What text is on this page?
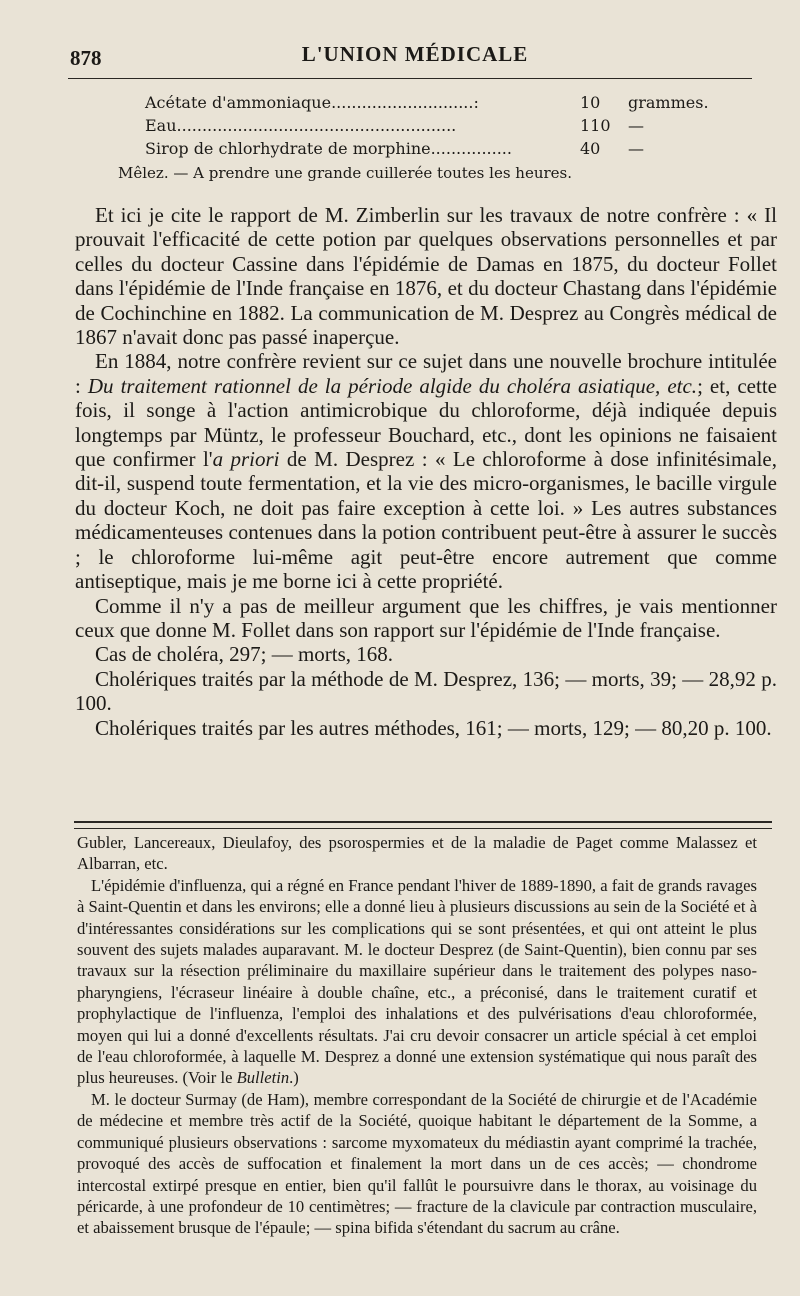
878	L'UNION MÉDICALE
Acétate d'ammoniaque............................:	10 grammes.
Eau.......................................................	110 —
Sirop de chlorhydrate de morphine................	40 —
Mêlez. — A prendre une grande cuillerée toutes les heures.

Et ici je cite le rapport de M. Zimberlin sur les travaux de notre confrère : « Il prouvait l'efficacité de cette potion par quelques observations personnelles et par celles du docteur Cassine dans l'épidémie de Damas en 1875, du docteur Follet dans l'épidémie de l'Inde française en 1876, et du docteur Chastang dans l'épidémie de Cochinchine en 1882. La communication de M. Desprez au Congrès médical de 1867 n'avait donc pas passé inaperçue.

En 1884, notre confrère revient sur ce sujet dans une nouvelle brochure intitulée : Du traitement rationnel de la période algide du choléra asiatique, etc.; et, cette fois, il songe à l'action antimicrobique du chloroforme, déjà indiquée depuis longtemps par Müntz, le professeur Bouchard, etc., dont les opinions ne faisaient que confirmer l'a priori de M. Desprez : « Le chloroforme à dose infinitésimale, dit-il, suspend toute fermentation, et la vie des micro-organismes, le bacille virgule du docteur Koch, ne doit pas faire exception à cette loi. » Les autres substances médicamenteuses contenues dans la potion contribuent peut-être à assurer le succès ; le chloroforme lui-même agit peut-être encore autrement que comme antiseptique, mais je me borne ici à cette propriété.

Comme il n'y a pas de meilleur argument que les chiffres, je vais mentionner ceux que donne M. Follet dans son rapport sur l'épidémie de l'Inde française.

Cas de choléra, 297; — morts, 168.

Cholériques traités par la méthode de M. Desprez, 136; — morts, 39; — 28,92 p. 100.

Cholériques traités par les autres méthodes, 161; — morts, 129; — 80,20 p. 100.

Gubler, Lancereaux, Dieulafoy, des psorospermies et de la maladie de Paget comme Malassez et Albarran, etc.

L'épidémie d'influenza, qui a régné en France pendant l'hiver de 1889-1890, a fait de grands ravages à Saint-Quentin et dans les environs; elle a donné lieu à plusieurs discussions au sein de la Société et à d'intéressantes considérations sur les complications qui se sont présentées, et qui ont atteint le plus souvent des sujets malades auparavant. M. le docteur Desprez (de Saint-Quentin), bien connu par ses travaux sur la résection préliminaire du maxillaire supérieur dans le traitement des polypes naso-pharyngiens, l'écraseur linéaire à double chaîne, etc., a préconisé, dans le traitement curatif et prophylactique de l'influenza, l'emploi des inhalations et des pulvérisations d'eau chloroformée, moyen qui lui a donné d'excellents résultats. J'ai cru devoir consacrer un article spécial à cet emploi de l'eau chloroformée, à laquelle M. Desprez a donné une extension systématique qui nous paraît des plus heureuses. (Voir le Bulletin.)

M. le docteur Surmay (de Ham), membre correspondant de la Société de chirurgie et de l'Académie de médecine et membre très actif de la Société, quoique habitant le département de la Somme, a communiqué plusieurs observations : sarcome myxomateux du médiastin ayant comprimé la trachée, provoqué des accès de suffocation et finalement la mort dans un de ces accès; — chondrome intercostal extirpé presque en entier, bien qu'il fallût le poursuivre dans le thorax, au voisinage du péricarde, à une profondeur de 10 centimètres; — fracture de la clavicule par contraction musculaire, et abaissement brusque de l'épaule; — spina bifida s'étendant du sacrum au crâne.
